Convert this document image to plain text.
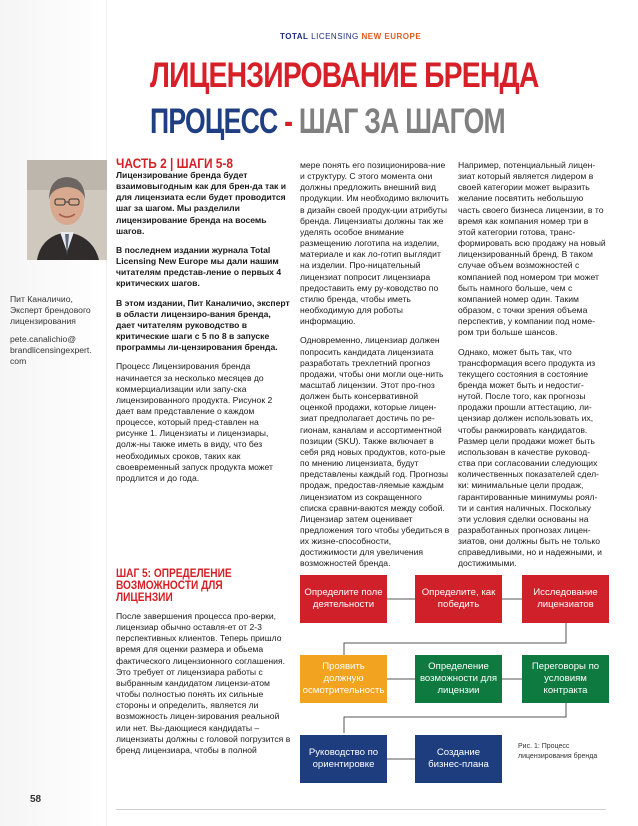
Пит Каналичио,
Эксперт брендового лицензирования
pete.canalichio@ brandlicensingexpert. com
58
TOTAL LICENSING NEW EUROPE
ЛИЦЕНЗИРОВАНИЕ БРЕНДА
ПРОЦЕСС - ШАГ ЗА ШАГОМ
ЧАСТЬ 2 | ШАГИ 5-8

Лицензирование бренда будет взаимовыгодным как для брен-да так и для лицензиата если будет проводится шаг за шагом. Мы разделили лицензирование бренда на восемь шагов.

В последнем издании журнала Total Licensing New Europe мы дали нашим читателям представ-ление о первых 4 критических шагов.

В этом издании, Пит Каналичио, эксперт в области лицензиро-вания бренда, дает читателям руководство в критические шаги с 5 по 8 в запуске программы ли-цензирования бренда.

Процесс Лицензирования бренда начинается за несколько месяцев до коммерциализации или запу-ска лицензированного продукта. Рисунок 2 дает вам представление о каждом процессе, который пред-ставлен на рисунке 1. Лицензиаты и лицензиары, долж-ны также иметь в виду, что без необходимых сроков, таких как своевременный запуск продукта может продлится и до года.

ШАГ 5: ОПРЕДЕЛЕНИЕ ВОЗМОЖНОСТИ ДЛЯ ЛИЦЕНЗИИ
После завершения процесса про-верки, лицензиар обычно оставля-ет от 2-3 перспективных клиентов. Теперь пришло время для оценки размера и обьема фактического лицензионного соглашения. Это требует от лицензиара работы с выбранным кандидатом лицензи-атом чтобы полностью понять их сильные стороны и определить, является ли возможность лицен-зирования реальной или нет. Вы-дающиеся кандидаты –лицензиаты должны с головой погрузится в бренд лицензиара, чтобы в полной

мере понять его позиционирова-ние и структуру. С этого момента они должны предложить внешний вид продукции. Им необходимо включить в дизайн своей продук-ции атрибуты бренда. Лицензиаты должны так же уделять особое внимание размещению логотипа на изделии, материале и как ло-готип выглядит на изделии. Про-ницательный лицензиат попросит лицензиара предоставить ему ру-ководство по стилю бренда, чтобы иметь необходимую для роботы информацию.

Одновременно, лицензиар должен попросить кандидата лицензиата разработать трехлетний прогноз продажи, чтобы они могли оце-нить масштаб лицензии. Этот про-гноз должен быть консервативной оценкой продажи, которые лицен-зиат предполагает достичь по ре-гионам, каналам и ассортиментной позиции (SKU). Также включает в себя ряд новых продуктов, кото-рые по мнению лицензиата, будут представлены каждый год. Прогнозы продаж, предостав-ляемые каждым лицензиатом из сокращенного списка сравни-ваются между собой. Лицензиар затем оценивает предложения того чтобы убедиться в их жизне-способности, достижимости для увеличения возможностей бренда.

Например, потенциальный лицен-зиат который является лидером в своей категории может выразить желание посвятить небольшую часть своего бизнеса лицензии, в то время как компания номер три в этой категории готова, транс-формировать всю продажу на новый лицензированный бренд. В таком случае объем возможностей с компанией под номером три может быть намного больше, чем с компанией номер один. Таким образом, с точки зрения объема перспектив, у компании под номе-ром три больше шансов.

Однако, может быть так, что трансформация всего продукта из текущего состояния в состояние бренда может быть и недостиг-нутой. После того, как прогнозы продажи прошли аттестацию, ли-цензиар должен использовать их, чтобы ранжировать кандидатов. Размер цели продажи может быть использован в качестве руковод-ства при согласовании следующих количественных показателей сдел-ки: минимальные цели продаж, гарантированные минимумы роял-ти и сантия наличных. Поскольку эти условия сделки основаны на разработанных прогнозах лицен-зиатов, они должны быть не только справедливыми, но и надежными, и достижимыми.

Определите поле деятельности
Определите, как победить
Исследование лицензиатов
Проявить должную осмотрительность
Определение возможности для лицензии
Переговоры по условиям контракта
Руководство по ориентировке
Создание бизнес-плана
Рис. 1: Процесс лицензирования бренда
